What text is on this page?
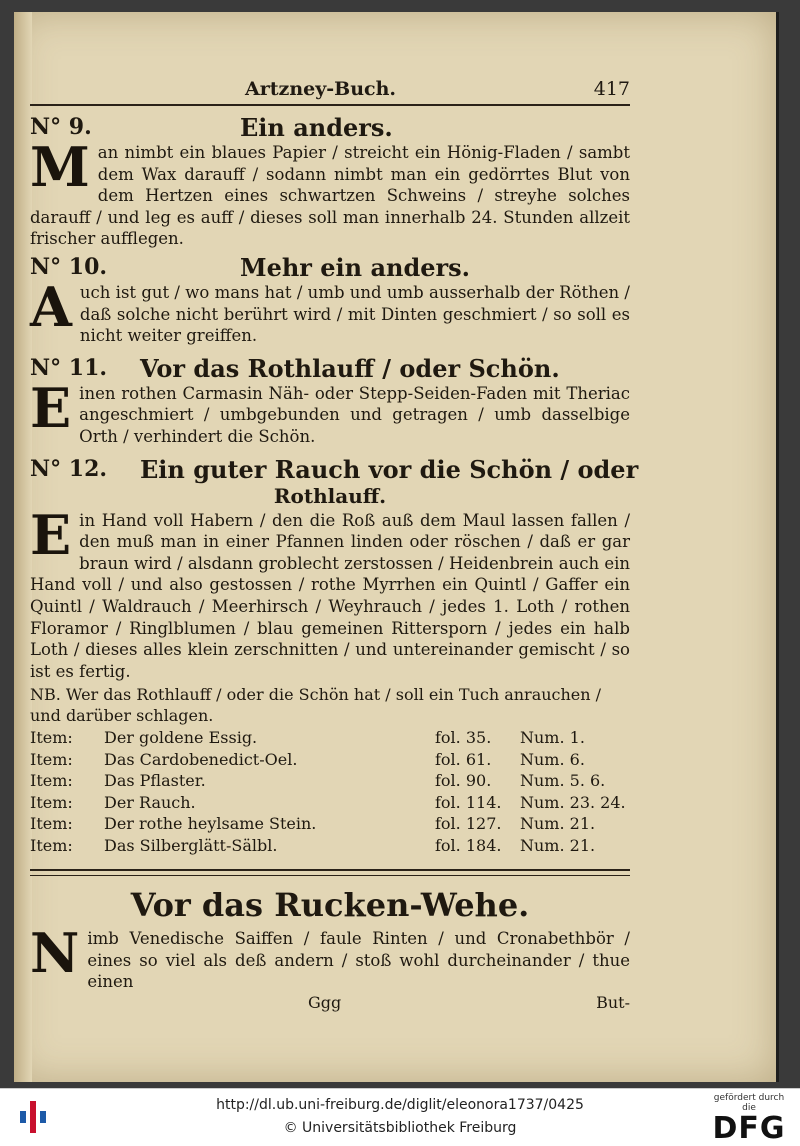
Artzney-Buch.	417
N° 9.	Ein anders.
M an nimbt ein blaues Papier / streicht ein Hönig-Fladen / sambt dem Wax darauff / sodann nimbt man ein gedörrtes Blut von dem Hertzen eines schwartzen Schweins / streyhe solches darauff / und leg es auff / dieses soll man innerhalb 24. Stunden allzeit frischer aufflegen.
N° 10.	Mehr ein anders.
A uch ist gut / wo mans hat / umb und umb ausserhalb der Röthen / daß solche nicht berührt wird / mit Dinten geschmiert / so soll es nicht weiter greiffen.
N° 11. Vor das Rothlauff / oder Schön.
E inen rothen Carmasin Näh- oder Stepp-Seiden-Faden mit Theriac angeschmiert / umbgebunden und getragen / umb dasselbige Orth / verhindert die Schön.
N° 12. Ein guter Rauch vor die Schön / oder
Rothlauff.
E in Hand voll Habern / den die Roß auß dem Maul lassen fallen / den muß man in einer Pfannen linden oder röschen / daß er gar braun wird / alsdann groblecht zerstossen / Heidenbrein auch ein Hand voll / und also gestossen / rothe Myrrhen ein Quintl / Gaffer ein Quintl / Waldrauch / Meerhirsch / Weyhrauch / jedes 1. Loth / rothen Floramor / Ringlblumen / blau gemeinen Rittersporn / jedes ein halb Loth / dieses alles klein zerschnitten / und untereinander gemischt / so ist es fertig.
NB. Wer das Rothlauff / oder die Schön hat / soll ein Tuch anrauchen / und darüber schlagen.
Item: Der goldene Essig.	fol. 35. Num. 1.
Item: Das Cardobenedict-Oel.	fol. 61. Num. 6.
Item: Das Pflaster.	fol. 90. Num. 5. 6.
Item: Der Rauch.	fol. 114. Num. 23. 24.
Item: Der rothe heylsame Stein.	fol. 127. Num. 21.
Item: Das Silberglätt-Sälbl.	fol. 184. Num. 21.
Vor das Rucken-Wehe.
N imb Venedische Saiffen / faule Rinten / und Cronabethbör / eines so viel als deß andern / stoß wohl durcheinander / thue einen
Ggg	But-
http://dl.ub.uni-freiburg.de/diglit/eleonora1737/0425
© Universitätsbibliothek Freiburg
gefördert durch die
DFG
